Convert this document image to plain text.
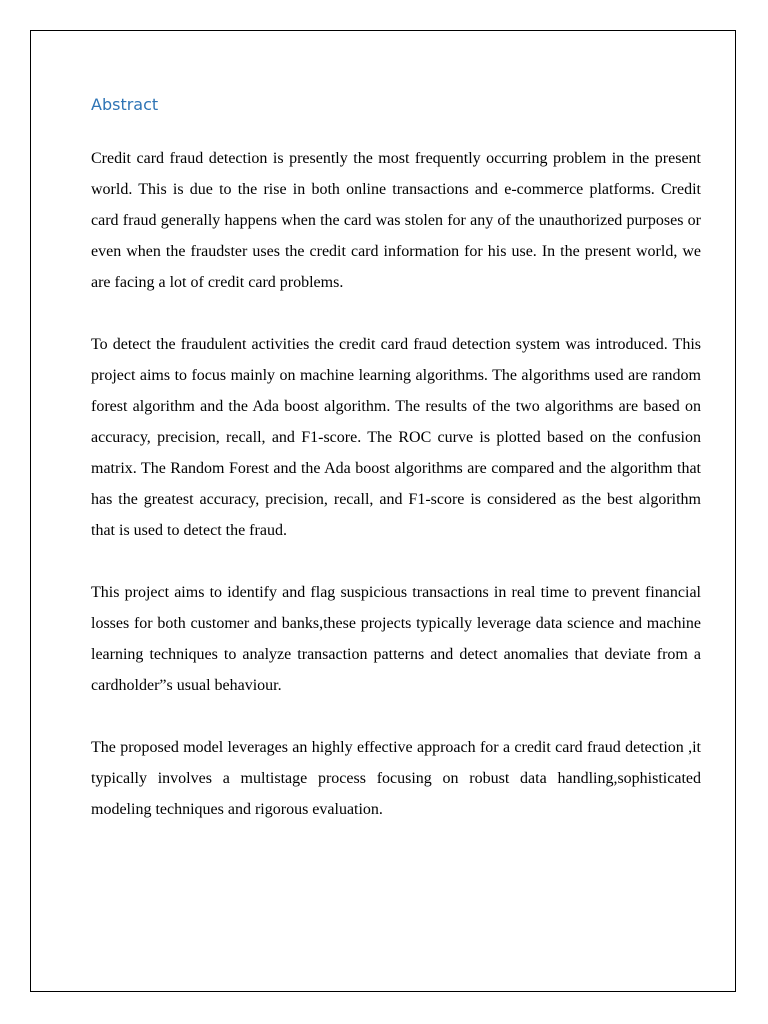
Abstract

Credit card fraud detection is presently the most frequently occurring problem in the present world. This is due to the rise in both online transactions and e-commerce platforms. Credit card fraud generally happens when the card was stolen for any of the unauthorized purposes or even when the fraudster uses the credit card information for his use. In the present world, we are facing a lot of credit card problems.

To detect the fraudulent activities the credit card fraud detection system was introduced. This project aims to focus mainly on machine learning algorithms. The algorithms used are random forest algorithm and the Ada boost algorithm. The results of the two algorithms are based on accuracy, precision, recall, and F1-score. The ROC curve is plotted based on the confusion matrix. The Random Forest and the Ada boost algorithms are compared and the algorithm that has the greatest accuracy, precision, recall, and F1-score is considered as the best algorithm that is used to detect the fraud.

This project aims to identify and flag suspicious transactions in real time to prevent financial losses for both customer and banks,these projects typically leverage data science and machine learning techniques to analyze transaction patterns and detect anomalies that deviate from a cardholder”s usual behaviour.

The proposed model leverages an highly effective approach for a credit card fraud detection ,it typically involves a multistage process focusing on robust data handling,sophisticated modeling techniques and rigorous evaluation.
